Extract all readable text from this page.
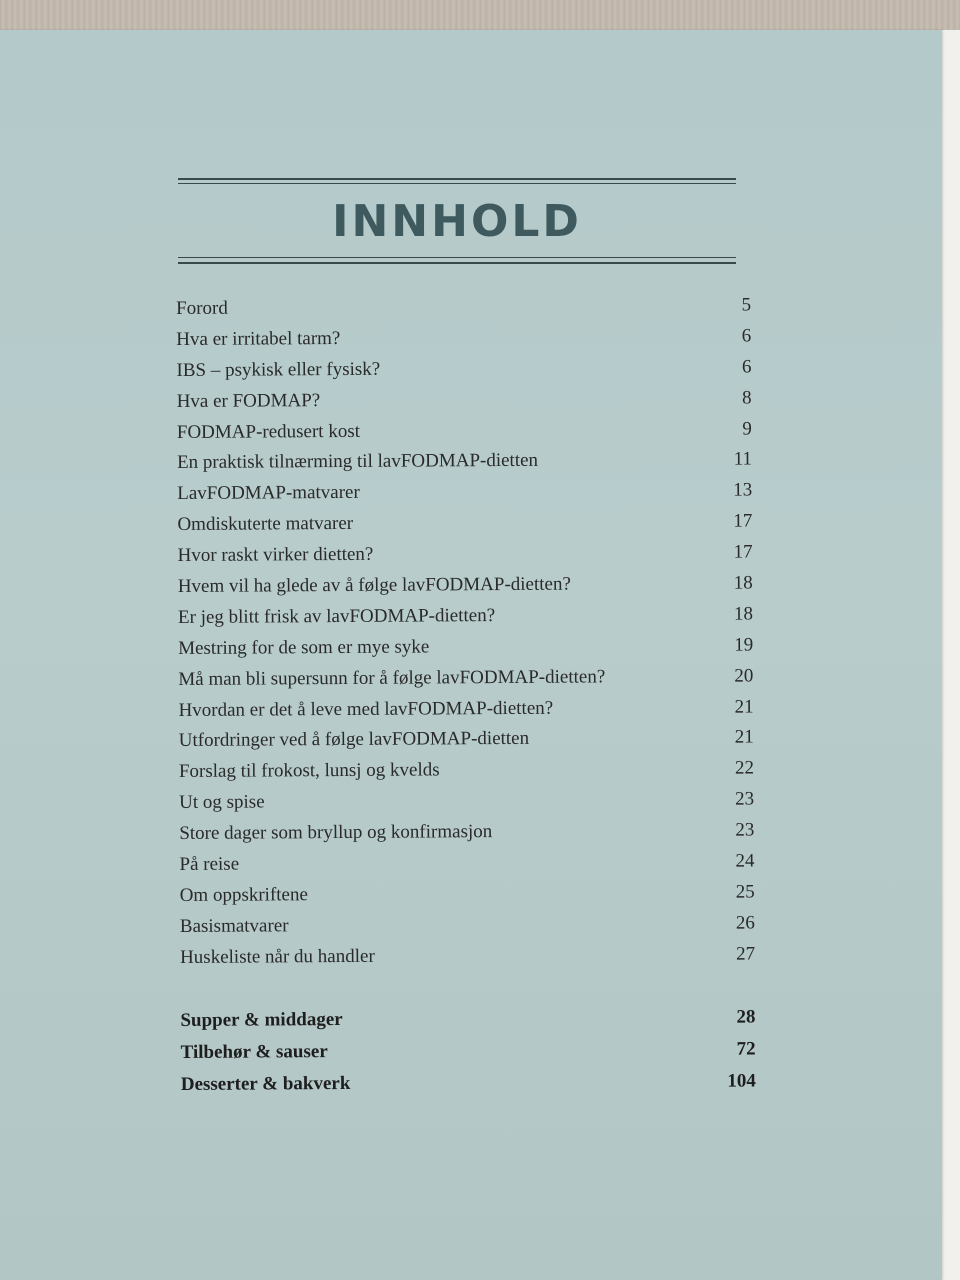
INNHOLD
Forord	5
Hva er irritabel tarm?	6
IBS – psykisk eller fysisk?	6
Hva er FODMAP?	8
FODMAP-redusert kost	9
En praktisk tilnærming til lavFODMAP-dietten	11
LavFODMAP-matvarer	13
Omdiskuterte matvarer	17
Hvor raskt virker dietten?	17
Hvem vil ha glede av å følge lavFODMAP-dietten?	18
Er jeg blitt frisk av lavFODMAP-dietten?	18
Mestring for de som er mye syke	19
Må man bli supersunn for å følge lavFODMAP-dietten?	20
Hvordan er det å leve med lavFODMAP-dietten?	21
Utfordringer ved å følge lavFODMAP-dietten	21
Forslag til frokost, lunsj og kvelds	22
Ut og spise	23
Store dager som bryllup og konfirmasjon	23
På reise	24
Om oppskriftene	25
Basismatvarer	26
Huskeliste når du handler	27
Supper & middager	28
Tilbehør & sauser	72
Desserter & bakverk	104
